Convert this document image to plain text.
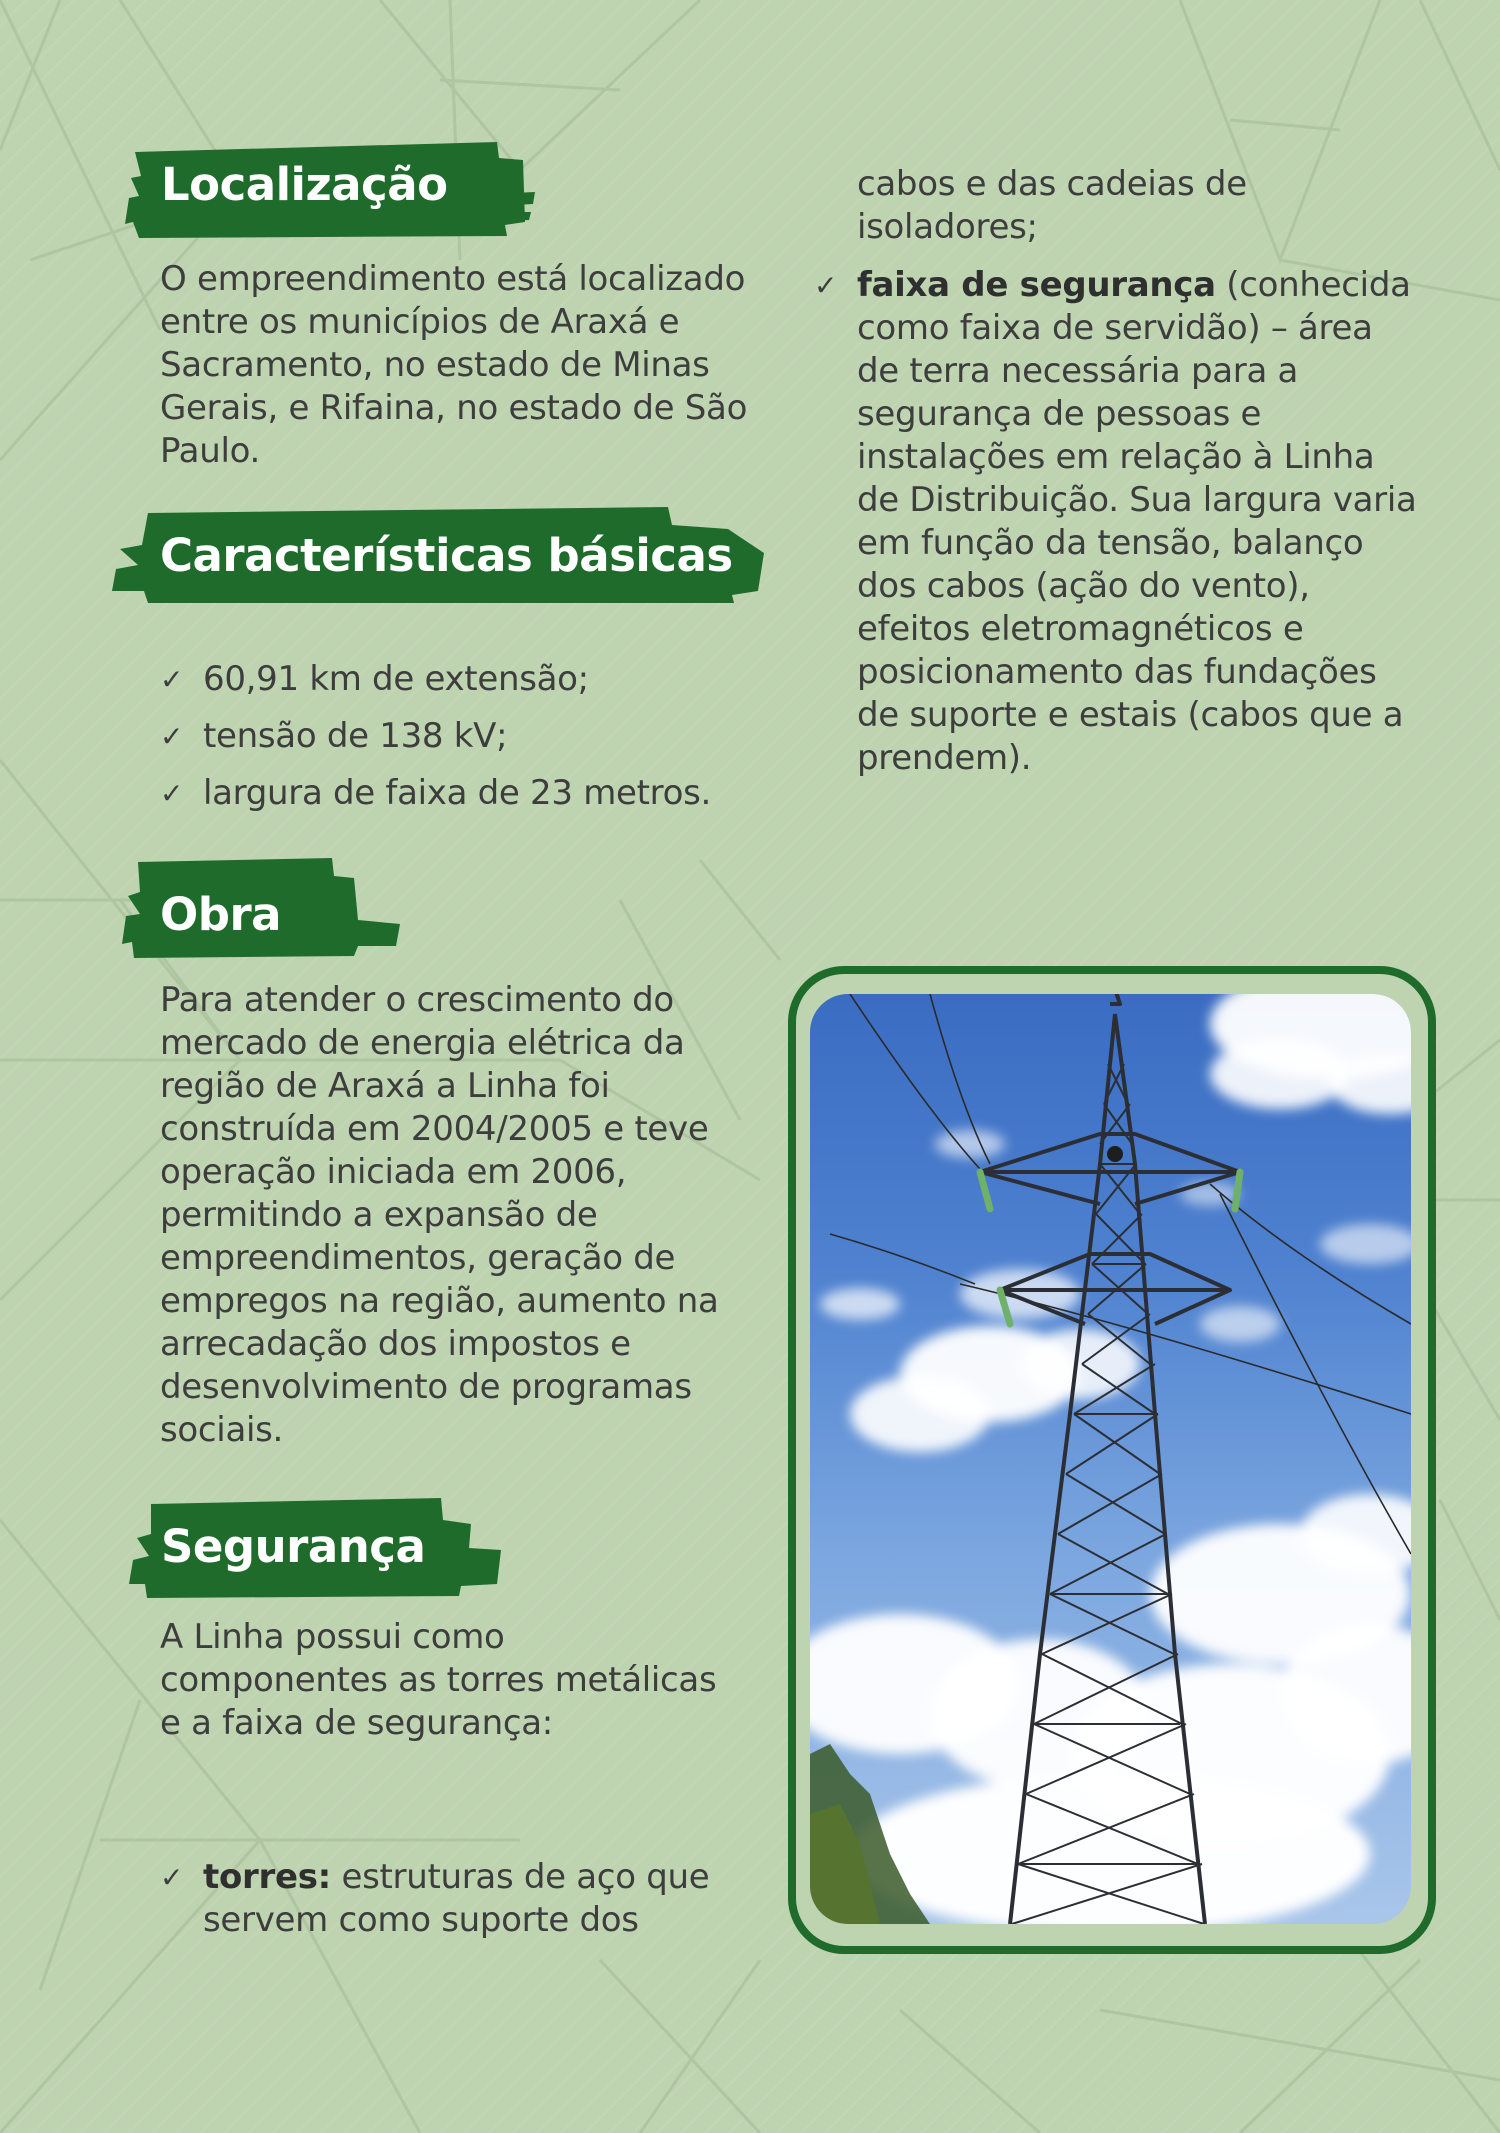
Localização

O empreendimento está localizado entre os municípios de Araxá e Sacramento, no estado de Minas Gerais, e Rifaina, no estado de São Paulo.

Características básicas
✓ 60,91 km de extensão;
✓ tensão de 138 kV;
✓ largura de faixa de 23 metros.
Obra

Para atender o crescimento do mercado de energia elétrica da região de Araxá a Linha foi construída em 2004/2005 e teve operação iniciada em 2006, permitindo a expansão de empreendimentos, geração de empregos na região, aumento na arrecadação dos impostos e desenvolvimento de programas sociais.

Segurança

A Linha possui como componentes as torres metálicas e a faixa de segurança:

✓ torres: estruturas de aço que servem como suporte dos

cabos e das cadeias de isoladores;

✓ faixa de segurança (conhecida como faixa de servidão) – área de terra necessária para a segurança de pessoas e instalações em relação à Linha de Distribuição. Sua largura varia em função da tensão, balanço dos cabos (ação do vento), efeitos eletromagnéticos e posicionamento das fundações de suporte e estais (cabos que a prendem).
